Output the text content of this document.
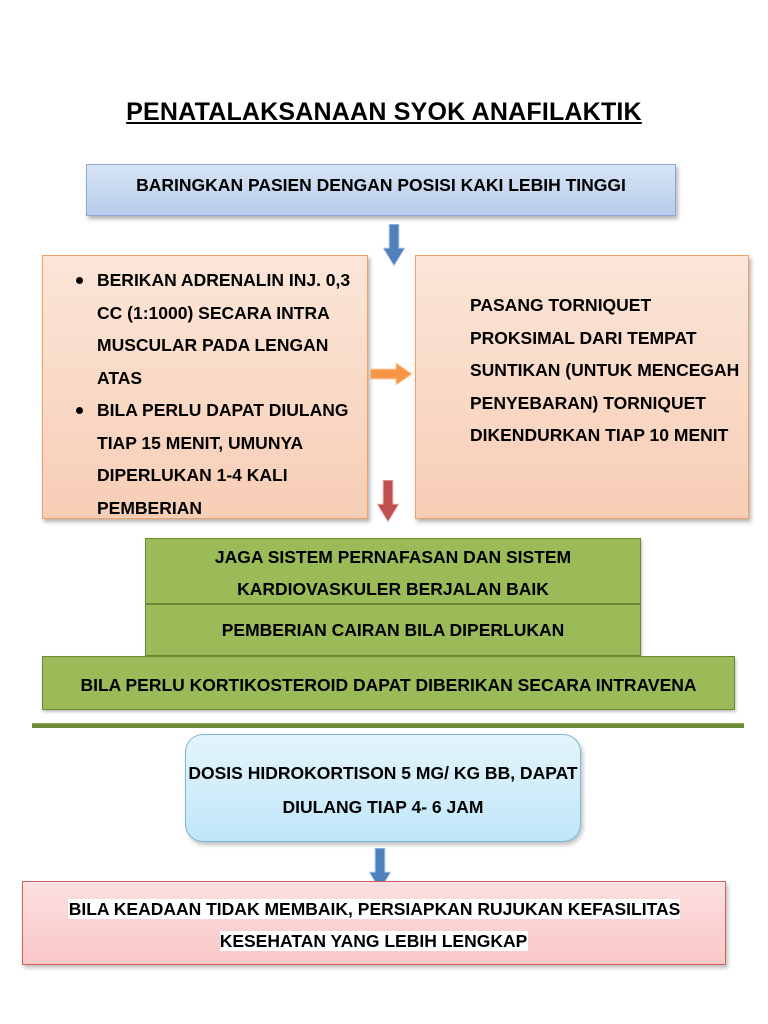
PENATALAKSANAAN SYOK ANAFILAKTIK
BARINGKAN PASIEN DENGAN POSISI KAKI LEBIH TINGGI
BERIKAN ADRENALIN INJ. 0,3 CC (1:1000) SECARA INTRA MUSCULAR PADA LENGAN ATAS
BILA PERLU DAPAT DIULANG TIAP 15 MENIT, UMUNYA DIPERLUKAN 1-4 KALI PEMBERIAN
PASANG TORNIQUET PROKSIMAL DARI TEMPAT SUNTIKAN (UNTUK MENCEGAH PENYEBARAN) TORNIQUET DIKENDURKAN TIAP 10 MENIT
JAGA SISTEM PERNAFASAN DAN SISTEM KARDIOVASKULER BERJALAN BAIK
PEMBERIAN CAIRAN BILA DIPERLUKAN
BILA PERLU KORTIKOSTEROID DAPAT DIBERIKAN SECARA INTRAVENA
DOSIS HIDROKORTISON 5 MG/ KG BB, DAPAT DIULANG TIAP 4- 6 JAM
BILA KEADAAN TIDAK MEMBAIK, PERSIAPKAN RUJUKAN KEFASILITAS KESEHATAN YANG LEBIH LENGKAP
